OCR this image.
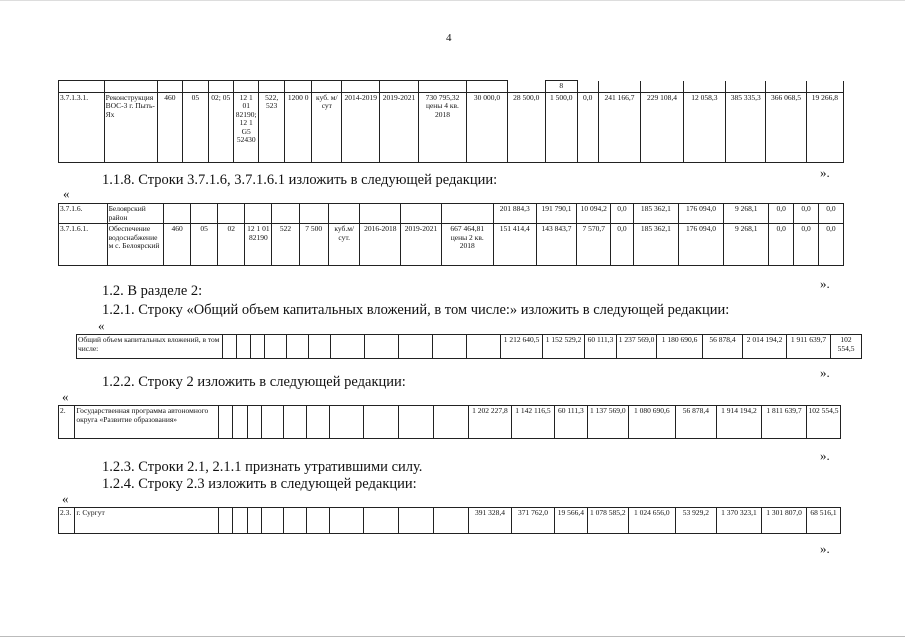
4
														8							
3.7.1.3.1.	Реконструкция ВОС-3 г. Пыть-Ях	460	05	02; 05	12 1 01 82190; 12 1 G5 52430	522, 523	1200 0	куб. м/сут	2014-2019	2019-2021	730 795,32 цены 4 кв. 2018	30 000,0	28 500,0	1 500,0	0,0	241 166,7	229 108,4	12 058,3	385 335,3	366 068,5	19 266,8
1.1.8. Строки 3.7.1.6, 3.7.1.6.1 изложить в следующей редакции:
«
».
3.7.1.6.	Белоярский район											201 884,3	191 790,1	10 094,2	0,0	185 362,1	176 094,0	9 268,1	0,0	0,0	0,0
3.7.1.6.1.	Обеспечение водоснабжением с. Белоярский	460	05	02	12 1 01 82190	522	7 500	куб.м/сут.	2016-2018	2019-2021	667 464,81 цены 2 кв. 2018	151 414,4	143 843,7	7 570,7	0,0	185 362,1	176 094,0	9 268,1	0,0	0,0	0,0
».
1.2. В разделе 2:
1.2.1. Строку «Общий объем капитальных вложений, в том числе:» изложить в следующей редакции:
«
Общий объем капитальных вложений, в том числе:												1 212 640,5	1 152 529,2	60 111,3	1 237 569,0	1 180 690,6	56 878,4	2 014 194,2	1 911 639,7	102 554,5
1.2.2. Строку 2 изложить в следующей редакции:
».
«
2.	Государственная программа автономного округа «Развитие образования»											1 202 227,8	1 142 116,5	60 111,3	1 137 569,0	1 080 690,6	56 878,4	1 914 194,2	1 811 639,7	102 554,5
».
1.2.3. Строки 2.1, 2.1.1 признать утратившими силу.
1.2.4. Строку 2.3 изложить в следующей редакции:
«
2.3.	г. Сургут											391 328,4	371 762,0	19 566,4	1 078 585,2	1 024 656,0	53 929,2	1 370 323,1	1 301 807,0	68 516,1
».
